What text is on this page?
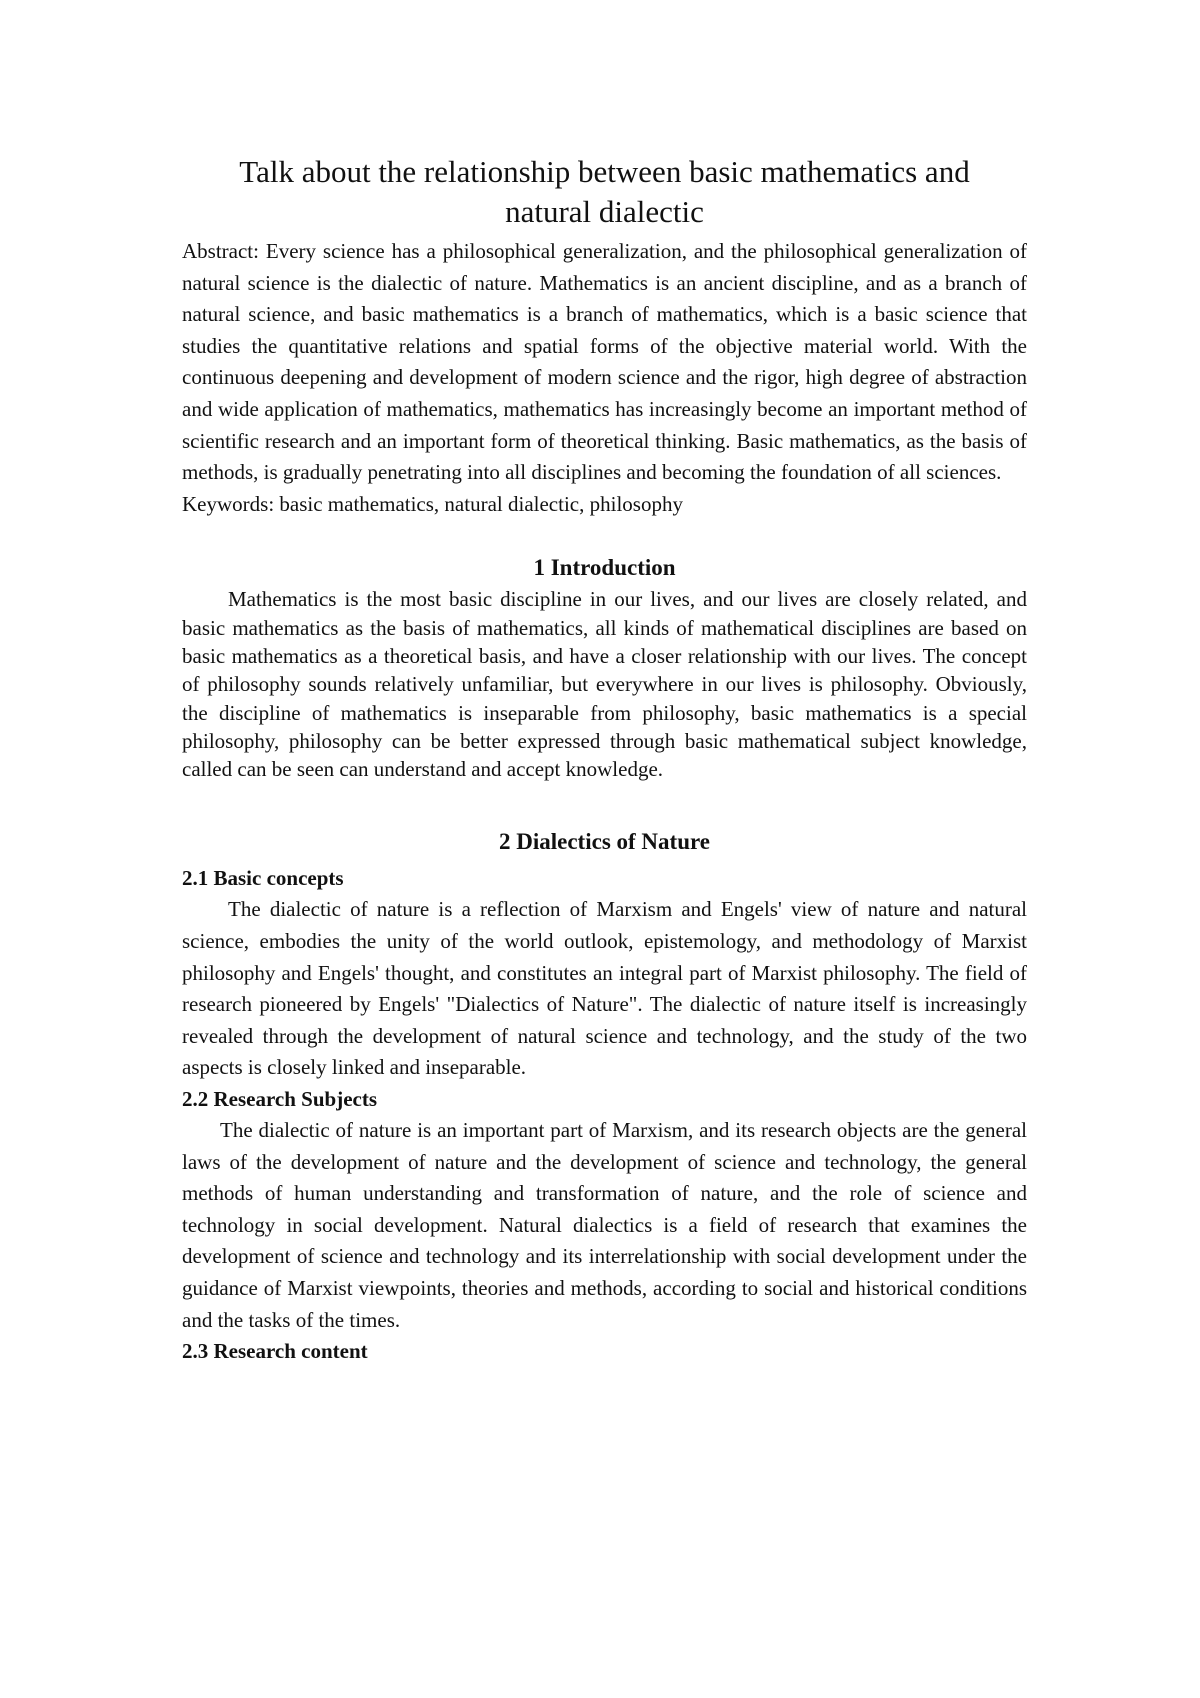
Talk about the relationship between basic mathematics and
natural dialectic

Abstract: Every science has a philosophical generalization, and the philosophical generalization of natural science is the dialectic of nature. Mathematics is an ancient discipline, and as a branch of natural science, and basic mathematics is a branch of mathematics, which is a basic science that studies the quantitative relations and spatial forms of the objective material world. With the continuous deepening and development of modern science and the rigor, high degree of abstraction and wide application of mathematics, mathematics has increasingly become an important method of scientific research and an important form of theoretical thinking. Basic mathematics, as the basis of methods, is gradually penetrating into all disciplines and becoming the foundation of all sciences.

Keywords: basic mathematics, natural dialectic, philosophy

1 Introduction

Mathematics is the most basic discipline in our lives, and our lives are closely related, and basic mathematics as the basis of mathematics, all kinds of mathematical disciplines are based on basic mathematics as a theoretical basis, and have a closer relationship with our lives. The concept of philosophy sounds relatively unfamiliar, but everywhere in our lives is philosophy. Obviously, the discipline of mathematics is inseparable from philosophy, basic mathematics is a special philosophy, philosophy can be better expressed through basic mathematical subject knowledge, called can be seen can understand and accept knowledge.

2 Dialectics of Nature
2.1 Basic concepts

The dialectic of nature is a reflection of Marxism and Engels' view of nature and natural science, embodies the unity of the world outlook, epistemology, and methodology of Marxist philosophy and Engels' thought, and constitutes an integral part of Marxist philosophy. The field of research pioneered by Engels' "Dialectics of Nature". The dialectic of nature itself is increasingly revealed through the development of natural science and technology, and the study of the two aspects is closely linked and inseparable.

2.2 Research Subjects

The dialectic of nature is an important part of Marxism, and its research objects are the general laws of the development of nature and the development of science and technology, the general methods of human understanding and transformation of nature, and the role of science and technology in social development. Natural dialectics is a field of research that examines the development of science and technology and its interrelationship with social development under the guidance of Marxist viewpoints, theories and methods, according to social and historical conditions and the tasks of the times.

2.3 Research content
